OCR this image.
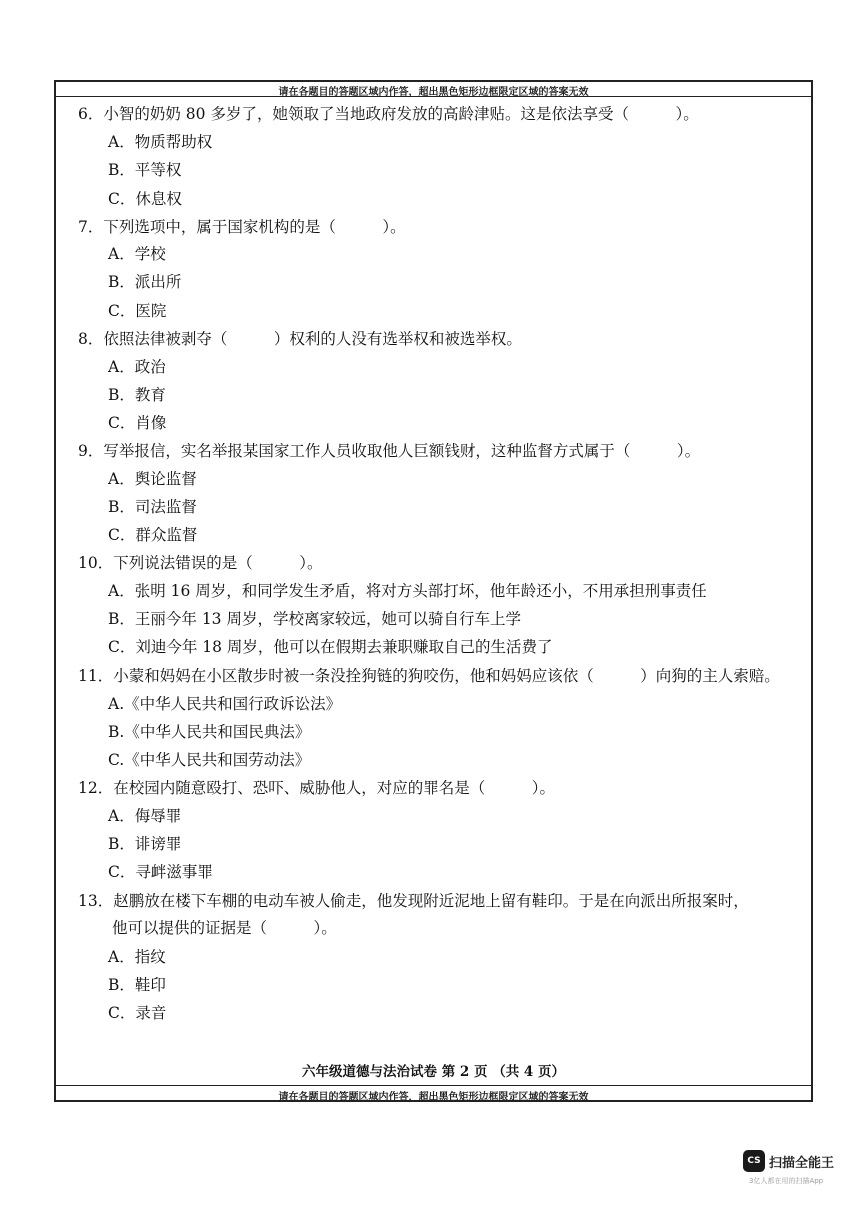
请在各题目的答题区域内作答，超出黑色矩形边框限定区域的答案无效
6．小智的奶奶 80 多岁了，她领取了当地政府发放的高龄津贴。这是依法享受（　　　）。
A．物质帮助权
B．平等权
C．休息权
7．下列选项中，属于国家机构的是（　　　）。
A．学校
B．派出所
C．医院
8．依照法律被剥夺（　　　）权利的人没有选举权和被选举权。
A．政治
B．教育
C．肖像
9．写举报信，实名举报某国家工作人员收取他人巨额钱财，这种监督方式属于（　　　）。
A．舆论监督
B．司法监督
C．群众监督
10．下列说法错误的是（　　　）。
A．张明 16 周岁，和同学发生矛盾，将对方头部打坏，他年龄还小，不用承担刑事责任
B．王丽今年 13 周岁，学校离家较远，她可以骑自行车上学
C．刘迪今年 18 周岁，他可以在假期去兼职赚取自己的生活费了
11．小蒙和妈妈在小区散步时被一条没拴狗链的狗咬伤，他和妈妈应该依（　　　）向狗的主人索赔。
A.《中华人民共和国行政诉讼法》
B.《中华人民共和国民典法》
C.《中华人民共和国劳动法》
12．在校园内随意殴打、恐吓、威胁他人，对应的罪名是（　　　）。
A．侮辱罪
B．诽谤罪
C．寻衅滋事罪
13．赵鹏放在楼下车棚的电动车被人偷走，他发现附近泥地上留有鞋印。于是在向派出所报案时，
他可以提供的证据是（　　　）。
A．指纹
B．鞋印
C．录音
六年级道德与法治试卷 第 2 页 （共 4 页）
请在各题目的答题区域内作答，超出黑色矩形边框限定区域的答案无效
CS 扫描全能王
3亿人都在用的扫描App
